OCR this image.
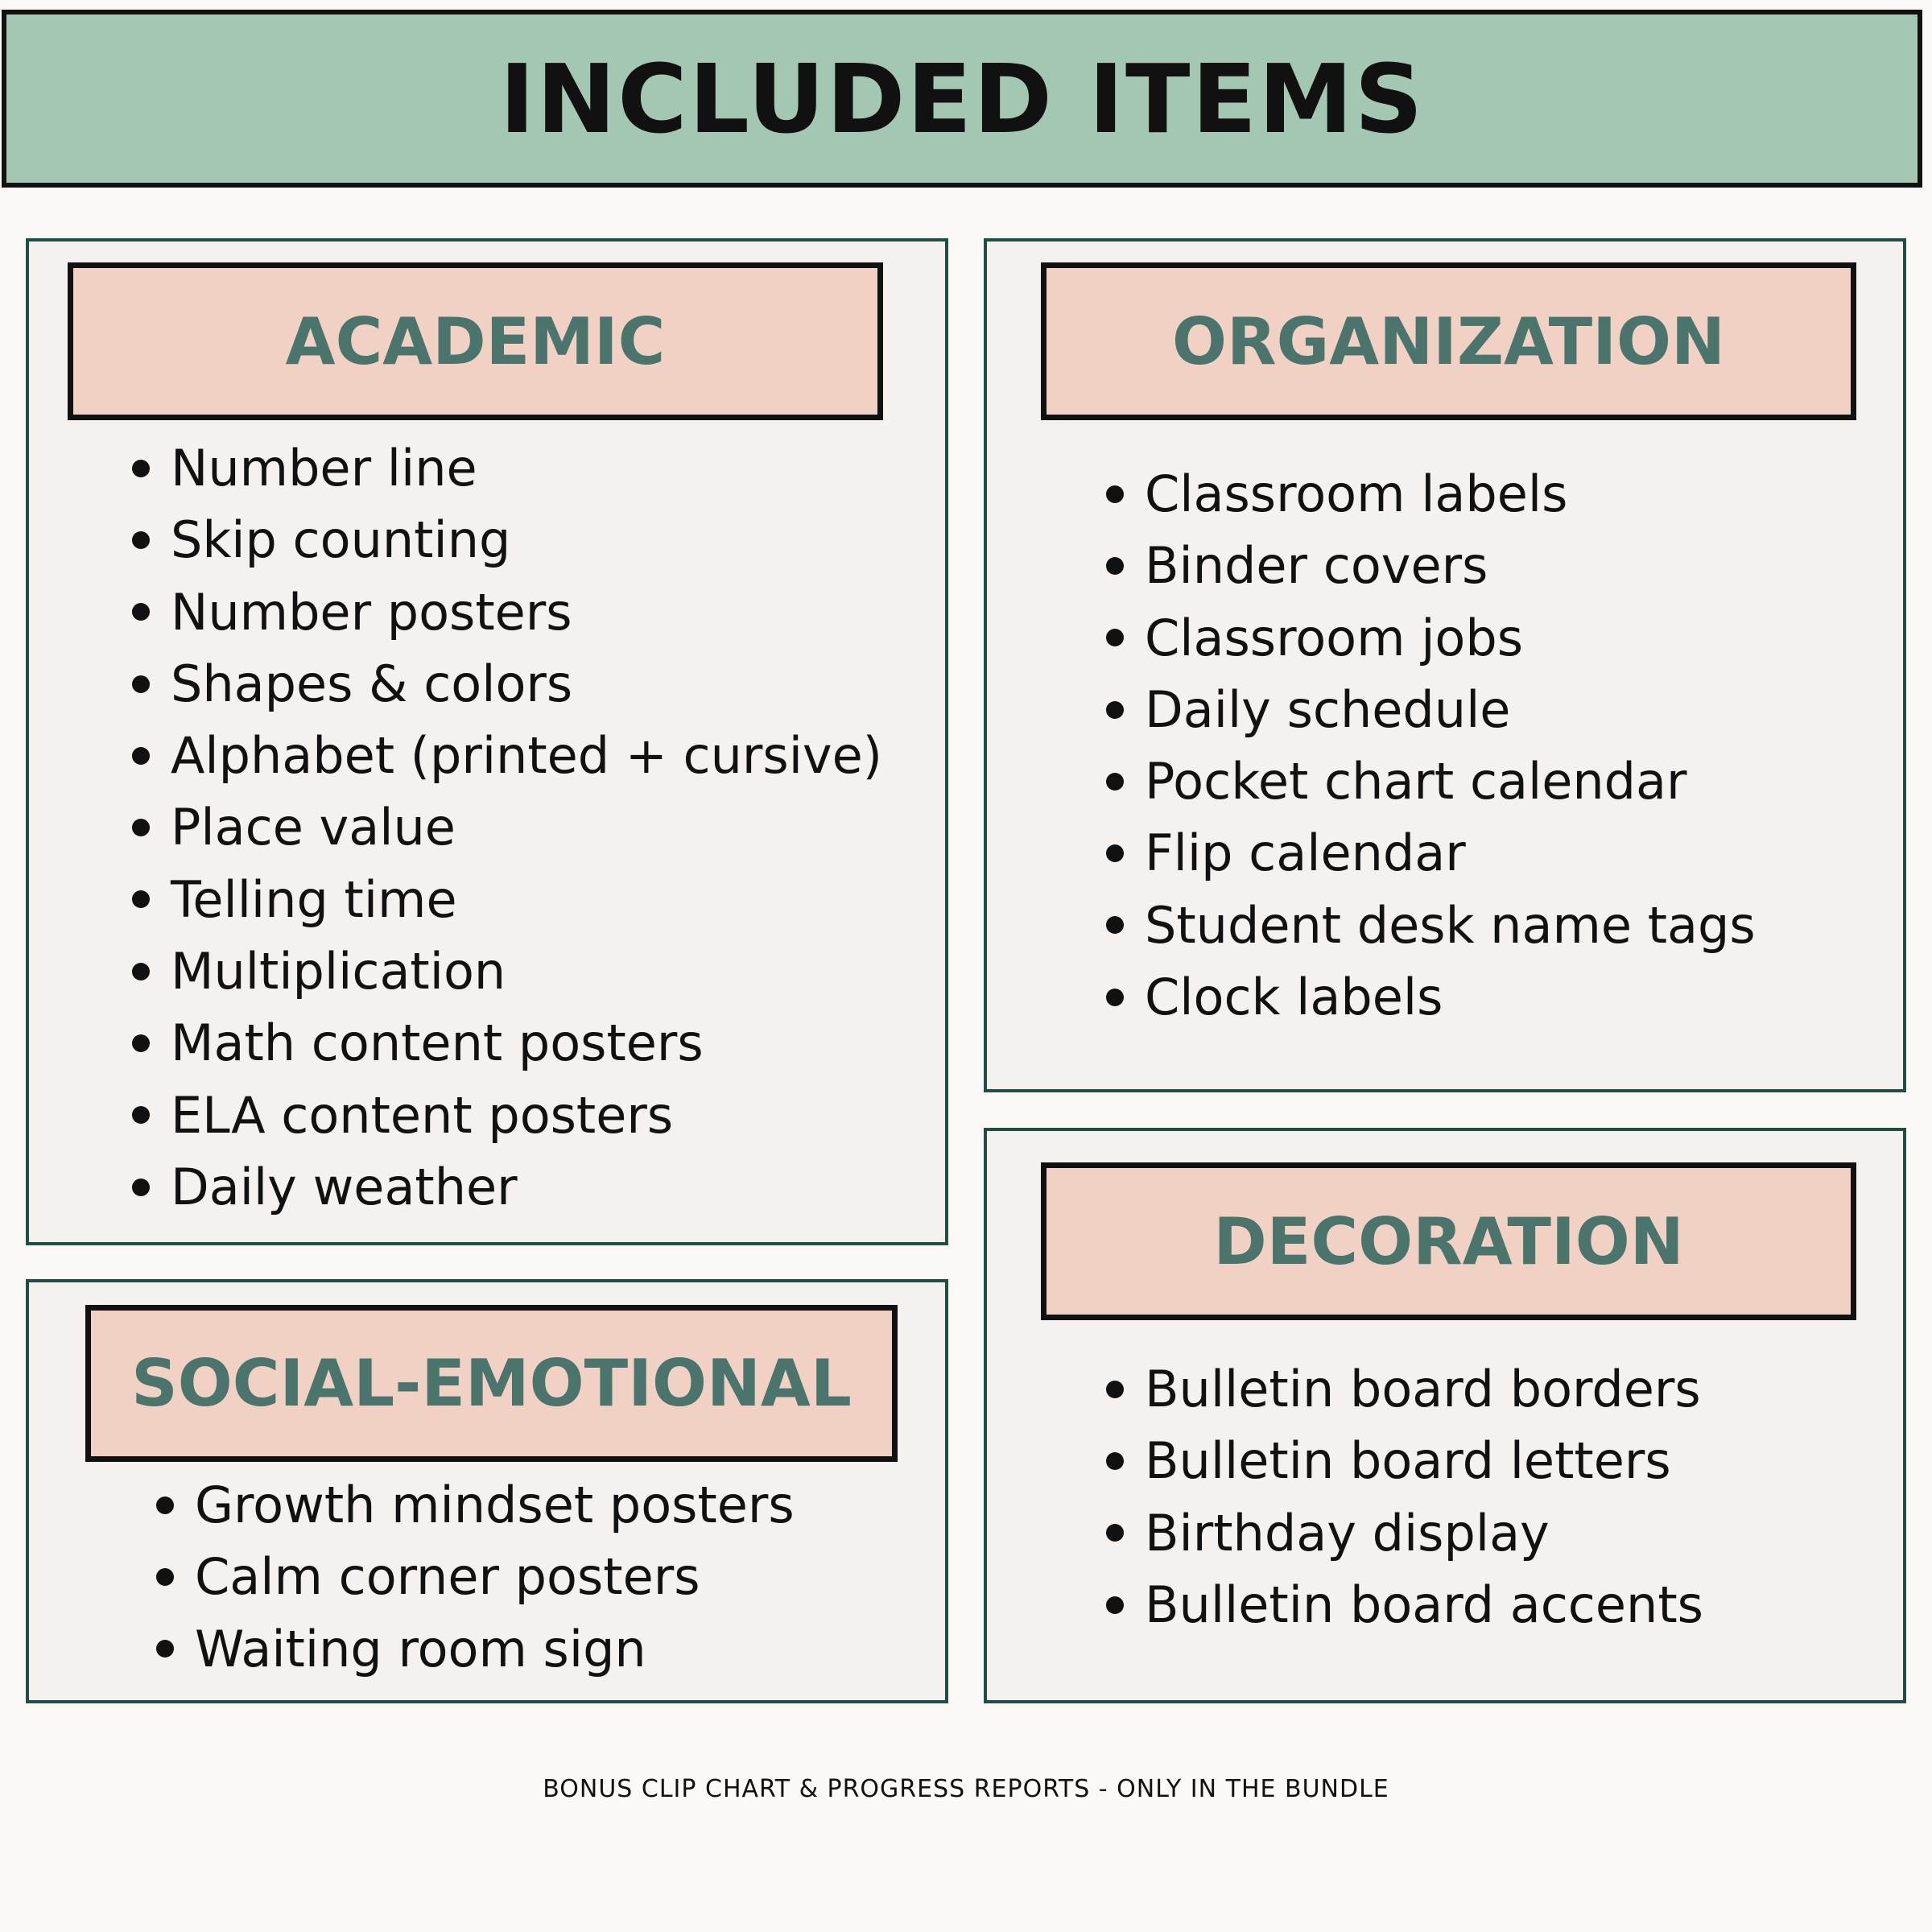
INCLUDED ITEMS
ACADEMIC
Number line
Skip counting
Number posters
Shapes & colors
Alphabet (printed + cursive)
Place value
Telling time
Multiplication
Math content posters
ELA content posters
Daily weather
ORGANIZATION
Classroom labels
Binder covers
Classroom jobs
Daily schedule
Pocket chart calendar
Flip calendar
Student desk name tags
Clock labels
SOCIAL-EMOTIONAL
Growth mindset posters
Calm corner posters
Waiting room sign
DECORATION
Bulletin board borders
Bulletin board letters
Birthday display
Bulletin board accents
BONUS CLIP CHART & PROGRESS REPORTS - ONLY IN THE BUNDLE
